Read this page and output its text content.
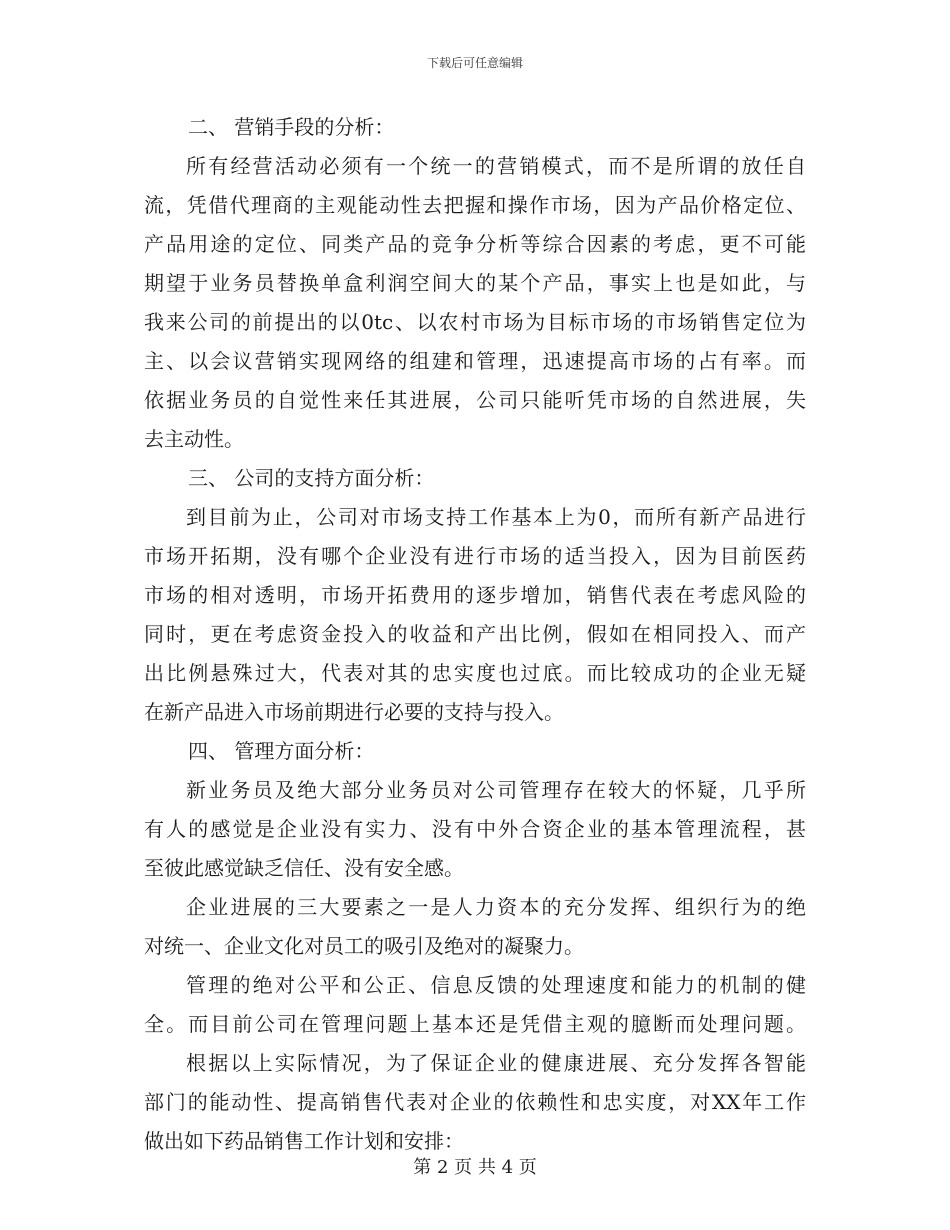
下载后可任意编辑
二、 营销手段的分析：
所有经营活动必须有一个统一的营销模式，而不是所谓的放任自
流，凭借代理商的主观能动性去把握和操作市场，因为产品价格定位、
产品用途的定位、同类产品的竞争分析等综合因素的考虑，更不可能
期望于业务员替换单盒利润空间大的某个产品，事实上也是如此，与
我来公司的前提出的以0tc、以农村市场为目标市场的市场销售定位为
主、以会议营销实现网络的组建和管理，迅速提高市场的占有率。而
依据业务员的自觉性来任其进展，公司只能听凭市场的自然进展，失
去主动性。
三、 公司的支持方面分析：
到目前为止，公司对市场支持工作基本上为0，而所有新产品进行
市场开拓期，没有哪个企业没有进行市场的适当投入，因为目前医药
市场的相对透明，市场开拓费用的逐步增加，销售代表在考虑风险的
同时，更在考虑资金投入的收益和产出比例，假如在相同投入、而产
出比例悬殊过大，代表对其的忠实度也过底。而比较成功的企业无疑
在新产品进入市场前期进行必要的支持与投入。
四、 管理方面分析：
新业务员及绝大部分业务员对公司管理存在较大的怀疑，几乎所
有人的感觉是企业没有实力、没有中外合资企业的基本管理流程，甚
至彼此感觉缺乏信任、没有安全感。
企业进展的三大要素之一是人力资本的充分发挥、组织行为的绝
对统一、企业文化对员工的吸引及绝对的凝聚力。
管理的绝对公平和公正、信息反馈的处理速度和能力的机制的健
全。而目前公司在管理问题上基本还是凭借主观的臆断而处理问题。
根据以上实际情况，为了保证企业的健康进展、充分发挥各智能
部门的能动性、提高销售代表对企业的依赖性和忠实度，对XX年工作
做出如下药品销售工作计划和安排：
第 2 页 共 4 页
